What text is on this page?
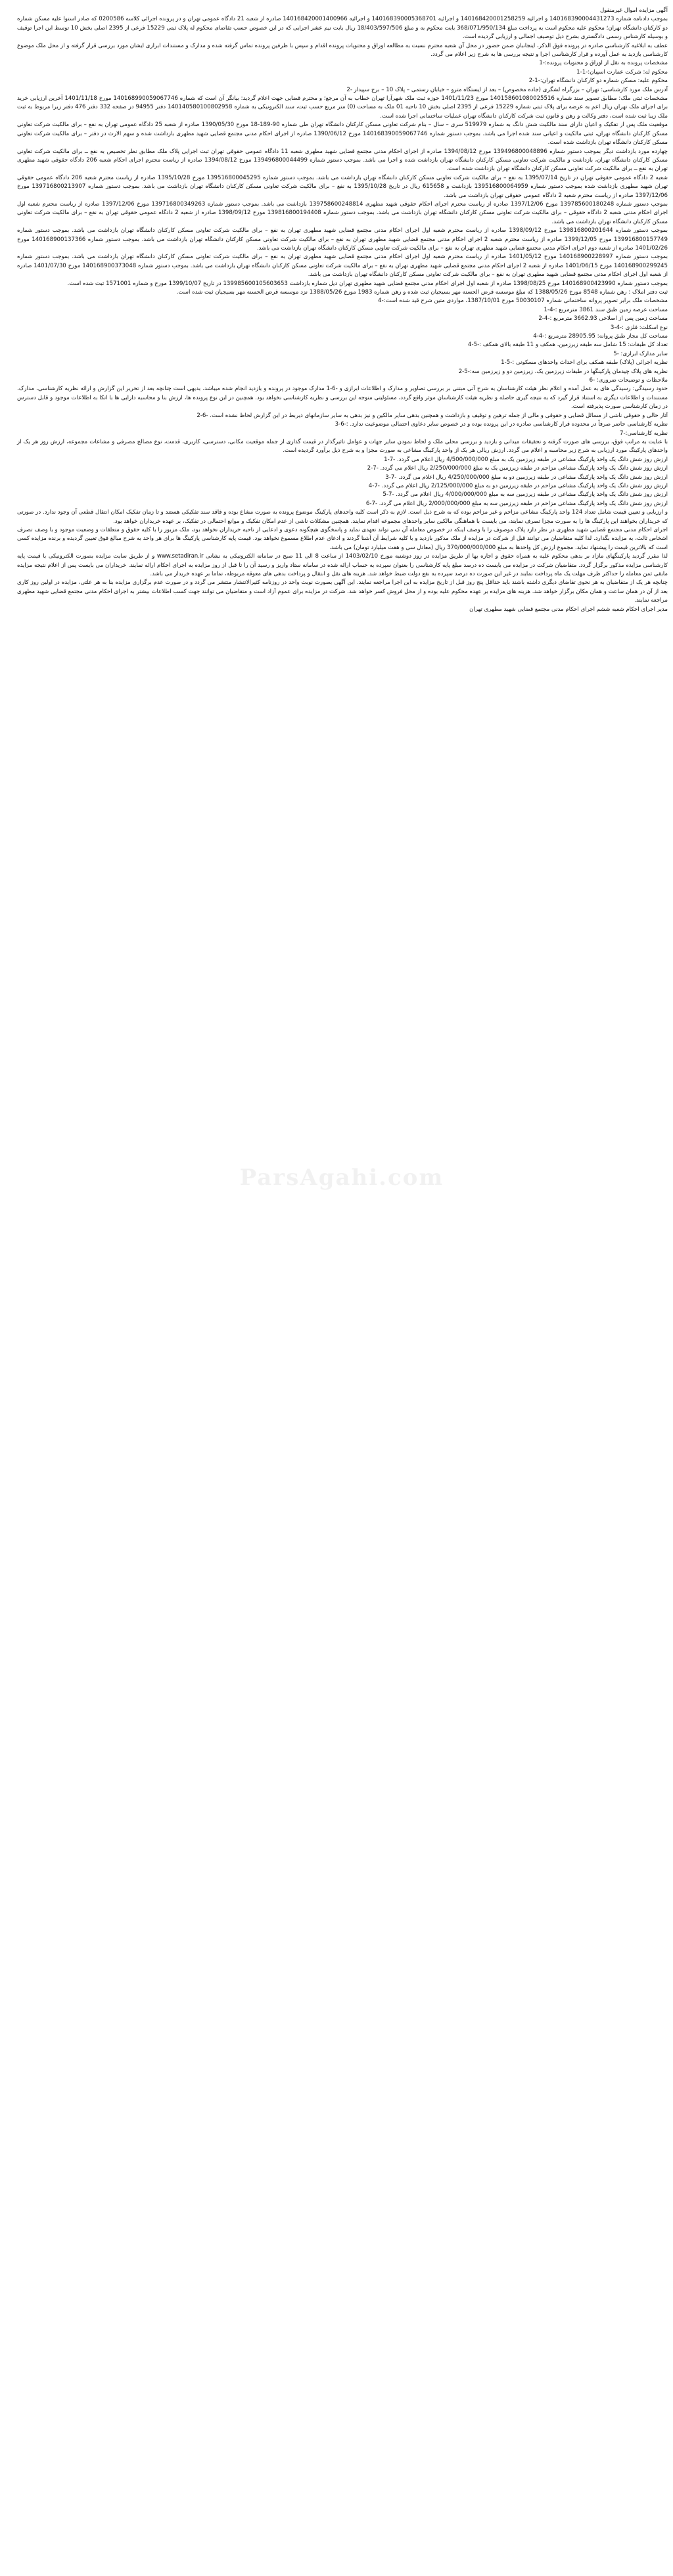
ParsAgahi.com
آگهی مزایده اموال غیرمنقول

بموجب دادنامه شماره 140168390004431273 و اجرائیه 140168420001258259 و اجرائیه 140168390005368701 و اجرائیه 140168420001400966 صادره از شعبه 21 دادگاه عمومی تهران و در پرونده اجرائی کلاسه 0200586 که صادر استوا علیه مسکن شماره دو کارکنان دانشگاه تهران؛ محکوم علیه محکوم است به پرداخت مبلغ 368/071/950/134 بابت محکوم به و مبلغ 18/403/597/506 ریال بابت نیم عشر اجرایی که در این خصوص حسب تقاضای محکوم له پلاک ثبتی 15229 فرعی از 2395 اصلی بخش 10 توسط این اجرا توقیف و بوسیله کارشناس رسمی دادگستری بشرح ذیل توصیف اجمالی و ارزیابی گردیده است.

عطف به ابلاغیه کارشناسی صادره در پرونده فوق الذکر، اینجانبان ضمن حضور در محل آن شعبه محترم نسبت به مطالعه اوراق و محتویات پرونده اقدام و سپس با طرفین پرونده تماس گرفته شده و مدارک و مستندات ابرازی ایشان مورد بررسی قرار گرفته و از محل ملک موضوع کارشناسی بازدید به عمل آورده و قرار کارشناسی اجرا و نتیجه بررسی ها به شرح زیر اعلام می گردد.

مشخصات پرونده به نقل از اوراق و محتویات پرونده:-1

محکوم له: شرکت عمارت اسپیان:-1-1

محکوم علیه: مسکن شماره دو کارکنان دانشگاه تهران:-1-2

آدرس ملک مورد کارشناسی: تهران – بزرگراه لشگری (جاده مخصوص) – بعد از ایستگاه مترو – خیابان رستمی – پلاک 10 – برج سپیدار -2

مشخصات ثبتی ملک: مطابق تصویر سند شماره 140158601080025516 مورخ 1401/11/23 حوزه ثبت ملک شهرآرا تهران خطاب به آن مرجع؛ و محترم قضایی جهت اعلام گردید: بیانگر آن است که شماره 140168990059067746 مورخ 1401/11/18 آخرین ارزیابی خرید برای اجرای ملک تهران ریال اعم به عرضه برای پلاک ثبتی شماره 15229 فرعی از 2395 اصلی بخش 10 ناحیه 01 ملک به مساحت (0) متر مربع حسب ثبت، سند الکترونیکی به شماره 140140580100802958 دفتر 94955 در صفحه 332 دفتر 476 دفتر زیرا مربوط به ثبت ملک زیبا ثبت شده است، دفتر وکالت و رهن و قانون ثبت شرکت کارکنان دانشگاه تهران عملیات ساختمانی اجرا شده است.

موقعیت ملک پس از تفکیک و اعیان دارای سند مالکیت شش دانگ به شماره 519979 سری – سال – بنام شرکت تعاونی مسکن کارکنان دانشگاه تهران طی شماره 90-189-18 مورخ 1390/05/30 صادره از شعبه 25 دادگاه عمومی تهران به نفع – برای مالکیت شرکت تعاونی مسکن کارکنان دانشگاه تهران، ثبتی مالکیت و اعیانی سند شده اجرا می باشد. بموجب دستور شماره 140168390059067746 مورخ 1390/06/12 صادره از اجرای احکام مدنی مجتمع قضایی شهید مطهری بازداشت شده و سهم الارث در دفتر – برای مالکیت شرکت تعاونی مسکن کارکنان دانشگاه تهران بازداشت شده است.

چهارده مورد بازداشت دیگر بموجب دستور شماره 139496800048896 مورخ 1394/08/12 صادره از اجرای احکام مدنی مجتمع قضایی شهید مطهری شعبه 11 دادگاه عمومی حقوقی تهران ثبت اجرایی پلاک ملک مطابق نظر تخصیص به نفع ــ برای مالکیت شرکت تعاونی مسکن کارکنان دانشگاه تهران، بازداشت و مالکیت شرکت تعاونی مسکن کارکنان دانشگاه تهران بازداشت شده و اجرا می باشد. بموجب دستور شماره 139496800044499 مورخ 1394/08/12 صادره از ریاست محترم اجرای احکام شعبه 206 دادگاه حقوقی شهید مطهری تهران به نفع ــ برای مالکیت شرکت تعاونی مسکن کارکنان دانشگاه تهران بازداشت شده است.

شعبه 2 دادگاه عمومی حقوقی تهران در تاریخ 1395/07/14 به نفع – برای مالکیت شرکت تعاونی مسکن کارکنان دانشگاه تهران بازداشت می باشد. بموجب دستور شماره 139516800045295 مورخ 1395/10/28 صادره از ریاست محترم شعبه 206 دادگاه عمومی حقوقی تهران شهید مطهری بازداشت شده بموجب دستور شماره 139516800064959 بازداشت و 615658 ریال در تاریخ 1395/10/28 به نفع – برای مالکیت شرکت تعاونی مسکن کارکنان دانشگاه تهران بازداشت می باشد. بموجب دستور شماره 139716800213907 مورخ 1397/12/06 صادره از ریاست محترم شعبه 2 دادگاه عمومی حقوقی تهران بازداشت می باشد.

بموجب دستور شماره 139785600180248 مورخ 1397/12/06 صادره از ریاست محترم اجرای احکام حقوقی شهید مطهری 139758600248814 بازداشت می باشد. بموجب دستور شماره 139716800349263 مورخ 1397/12/06 صادره از ریاست محترم شعبه اول اجرای احکام مدنی شعبه 2 دادگاه حقوقی – برای مالکیت شرکت تعاونی مسکن کارکنان دانشگاه تهران بازداشت می باشد. بموجب دستور شماره 139816800194408 مورخ 1398/09/12 صادره از شعبه 2 دادگاه عمومی حقوقی تهران به نفع – برای مالکیت شرکت تعاونی مسکن کارکنان دانشگاه تهران بازداشت می باشد.

بموجب دستور شماره 139816800201644 مورخ 1398/09/12 صادره از ریاست محترم شعبه اول اجرای احکام مدنی مجتمع قضایی شهید مطهری تهران به نفع – برای مالکیت شرکت تعاونی مسکن کارکنان دانشگاه تهران بازداشت می باشد. بموجب دستور شماره 139916800157749 مورخ 1399/12/05 صادره از ریاست محترم شعبه 2 اجرای احکام مدنی مجتمع قضایی شهید مطهری تهران به نفع – برای مالکیت شرکت تعاونی مسکن کارکنان دانشگاه تهران بازداشت می باشد. بموجب دستور شماره 140168900137366 مورخ 1401/02/26 صادره از شعبه دوم اجرای احکام مدنی مجتمع قضایی شهید مطهری تهران به نفع – برای مالکیت شرکت تعاونی مسکن کارکنان دانشگاه تهران بازداشت می باشد.

بموجب دستور شماره 140168900228997 مورخ 1401/05/12 صادره از ریاست محترم شعبه اول اجرای احکام مدنی مجتمع قضایی شهید مطهری تهران به نفع – برای مالکیت شرکت تعاونی مسکن کارکنان دانشگاه تهران بازداشت می باشد. بموجب دستور شماره 140168900299245 مورخ 1401/06/15 صادره از شعبه 2 اجرای احکام مدنی مجتمع قضایی شهید مطهری تهران به نفع – برای مالکیت شرکت تعاونی مسکن کارکنان دانشگاه تهران بازداشت می باشد. بموجب دستور شماره 140168900373048 مورخ 1401/07/30 صادره از شعبه اول اجرای احکام مدنی مجتمع قضایی شهید مطهری تهران به نفع – برای مالکیت شرکت تعاونی مسکن کارکنان دانشگاه تهران بازداشت می باشد.

بموجب دستور شماره 140168900423990 مورخ 1398/08/25 صادره از شعبه اول اجرای احکام مدنی مجتمع قضایی شهید مطهری تهران ذیل شماره بازداشت 139985600105603653 در تاریخ 1399/10/07 مورخ و شماره 1571001 ثبت شده است.

ثبت دفتر املاک : رهن شماره 8548 مورخ 1388/05/26 که مبلغ موسسه قرض الحسنه مهر بسیجیان ثبت شده و رهن شماره 1983 مورخ 1388/05/26 نزد موسسه قرض الحسنه مهر بسیجیان ثبت شده است.

مشخصات ملک برابر تصویر پروانه ساختمانی شماره 50030107 مورخ 1387/10/01، مواردی متین شرح قید شده است:-4

مساحت عرصه زمین طبق سند 3861 مترمربع :-4-1

مساحت زمین پس از اصلاحی 3662.93 مترمربع :-4-2

نوع اسکلت: فلزی :-4-3

مساحت کل مجاز طبق پروانه: 28905.95 مترمربع :-4-4

تعداد کل طبقات: 15 شامل سه طبقه زیرزمین، همکف و 11 طبقه بالای همکف :-5-4

سایر مدارک ابرازی: -5

نظریه اجرائی (پلاک) طبقه همکف برای احداث واحدهای مسکونی :-5-1

نظریه های پلاک چیدمان پارکینگها در طبقات زیرزمین یک، زیرزمین دو و زیرزمین سه:-5-2

ملاحظات و توضیحات ضروری: -6

حدود رسیدگی: رسیدگی های به عمل آمده و اعلام نظر هیئت کارشناسان به شرح آتی مبتنی بر بررسی تصاویر و مدارک و اطلاعات ابرازی و -6-1 مدارک موجود در پرونده و بازدید انجام شده میباشد. بدیهی است چنانچه بعد از تحریر این گزارش و ارائه نظریه کارشناسی، مدارک، مستندات و اطلاعات دیگری به استناد قرار گیرد که به نتیجه گیری حاصله و نظریه هیئت کارشناسان موثر واقع گردد، مسئولیتی متوجه این بررسی و نظریه کارشناسی نخواهد بود. همچنین در این نوع پرونده ها، ارزش بنا و محاسبه دارایی ها با اتکا به اطلاعات موجود و قابل دسترس در زمان کارشناسی صورت پذیرفته است.

آثار حالی و حقوقی ناشی از مسائل قضایی و حقوقی و مالی از جمله ترهین و توقیف و بازداشت و همچنین بدهی سایر مالکین و نیز بدهی به سایر سازمانهای ذیربط در این گزارش لحاظ نشده است. -6-2

نظریه کارشناسی حاضر صرفاً در محدوده قرار کارشناسی صادره در این پرونده بوده و در خصوص سایر دعاوی احتمالی موضوعیت ندارد. :-6-3

نظریه کارشناسی:-7

با عنایت به مراتب فوق، بررسی های صورت گرفته و تحقیقات میدانی و بازدید و بررسی محلی ملک و لحاظ نمودن سایر جهات و عوامل تاثیرگذار در قیمت گذاری از جمله موقعیت مکانی، دسترسی، کاربری، قدمت، نوع مصالح مصرفی و مشاعات مجموعه، ارزش روز هر یک از واحدهای پارکینگ مورد ارزیابی به شرح زیر محاسبه و اعلام می گردد. ارزش ریالی هر یک از واحد پارکینگ مشاعی به صورت مجزا و به شرح ذیل برآورد گردیده است.

ارزش روز شش دانگ یک واحد پارکینگ مشاعی در طبقه زیرزمین یک به مبلغ 4/500/000/000 ریال اعلام می گردد. -7-1

ارزش روز شش دانگ یک واحد پارکینگ مشاعی مزاحم در طبقه زیرزمین یک به مبلغ 2/250/000/000 ریال اعلام می گردد. -7-2

ارزش روز شش دانگ یک واحد پارکینگ مشاعی در طبقه زیرزمین دو به مبلغ 4/250/000/000 ریال اعلام می گردد. -7-3

ارزش روز شش دانگ یک واحد پارکینگ مشاعی مزاحم در طبقه زیرزمین دو به مبلغ 2/125/000/000 ریال اعلام می گردد. -7-4

ارزش روز شش دانگ یک واحد پارکینگ مشاعی در طبقه زیرزمین سه به مبلغ 4/000/000/000 ریال اعلام می گردد. -7-5

ارزش روز شش دانگ یک واحد پارکینگ مشاعی مزاحم در طبقه زیرزمین سه به مبلغ 2/000/000/000 ریال اعلام می گردد. -7-6

و ارزیابی و تعیین قیمت شامل تعداد 124 واحد پارکینگ مشاعی مزاحم و غیر مزاحم بوده که به شرح ذیل است. لازم به ذکر است کلیه واحدهای پارکینگ موضوع پرونده به صورت مشاع بوده و فاقد سند تفکیکی هستند و تا زمان تفکیک امکان انتقال قطعی آن وجود ندارد. در صورتی که خریداران بخواهند این پارکینگ ها را به صورت مجزا تصرف نمایند، می بایست با هماهنگی مالکین سایر واحدهای مجموعه اقدام نمایند. همچنین مشکلات ناشی از عدم امکان تفکیک و موانع احتمالی در تفکیک، بر عهده خریداران خواهد بود.

اجرای احکام مدنی مجتمع قضایی شهید مطهری در نظر دارد پلاک موصوف را با وصف اینکه در خصوص معامله آن نمی تواند تعهدی نماید و پاسخگوی هیچگونه دعوی و ادعایی از ناحیه خریداران نخواهد بود، ملک مزبور را با کلیه حقوق و متعلقات و وضعیت موجود و با وصف تصرف اشخاص ثالث، به مزایده بگذارد. لذا کلیه متقاضیان می توانند قبل از شرکت در مزایده از ملک مذکور بازدید و با کلیه شرایط آن آشنا گردند و ادعای عدم اطلاع مسموع نخواهد بود. قیمت پایه کارشناسی پارکینگ ها برای هر واحد به شرح مبالغ فوق تعیین گردیده و برنده مزایده کسی است که بالاترین قیمت را پیشنهاد نماید. مجموع ارزش کل واحدها به مبلغ 370/000/000/000 ریال (معادل سی و هفت میلیارد تومان) می باشد.

لذا مقرر گردید پارکینگهای مازاد بر بدهی محکوم علیه به همراه حقوق و اجاره بها از طریق مزایده در روز دوشنبه مورخ 1403/02/10 از ساعت 8 الی 11 صبح در سامانه الکترونیکی به نشانی www.setadiran.ir و از طریق سایت مزایده بصورت الکترونیکی با قیمت پایه کارشناسی مزایده مذکور برگزار گردد. متقاضیان شرکت در مزایده می بایست ده درصد مبلغ پایه کارشناسی را بعنوان سپرده به حساب ارائه شده در سامانه ستاد واریز و رسید آن را تا قبل از روز مزایده به اجرای احکام ارائه نمایند. خریداران می بایست پس از اعلام نتیجه مزایده مابقی ثمن معامله را حداکثر ظرف مهلت یک ماه پرداخت نمایند در غیر این صورت ده درصد سپرده به نفع دولت ضبط خواهد شد. هزینه های نقل و انتقال و پرداخت بدهی های معوقه مربوطه، تماما بر عهده خریدار می باشد.

چنانچه هر یک از متقاضیان به هر نحوی تقاضای دیگری داشته باشند باید حداقل پنج روز قبل از تاریخ مزایده به این اجرا مراجعه نمایند. این آگهی بصورت نوبت واحد در روزنامه کثیرالانتشار منتشر می گردد و در صورت عدم برگزاری مزایده بنا به هر علتی، مزایده در اولین روز کاری بعد از آن در همان ساعت و همان مکان برگزار خواهد شد. هزینه های مزایده بر عهده محکوم علیه بوده و از محل فروش کسر خواهد شد. شرکت در مزایده برای عموم آزاد است و متقاضیان می توانند جهت کسب اطلاعات بیشتر به اجرای احکام مدنی مجتمع قضایی شهید مطهری مراجعه نمایند.

مدیر اجرای احکام شعبه ششم اجرای احکام مدنی مجتمع قضایی شهید مطهری تهران
